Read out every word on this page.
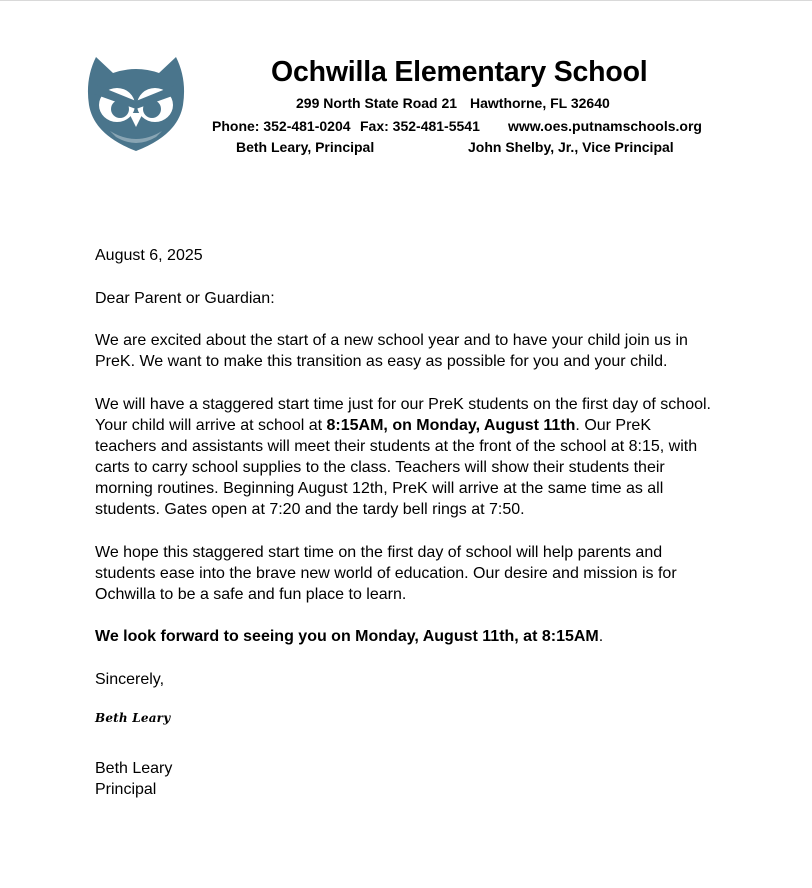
Ochwilla Elementary School
299 North State Road 21 Hawthorne, FL 32640
Phone: 352-481-0204 Fax: 352-481-5541 www.oes.putnamschools.org
Beth Leary, Principal	John Shelby, Jr., Vice Principal

August 6, 2025

Dear Parent or Guardian:

We are excited about the start of a new school year and to have your child join us in

PreK. We want to make this transition as easy as possible for you and your child.

We will have a staggered start time just for our PreK students on the first day of school.

Your child will arrive at school at 8:15AM, on Monday, August 11th. Our PreK

teachers and assistants will meet their students at the front of the school at 8:15, with

carts to carry school supplies to the class. Teachers will show their students their

morning routines. Beginning August 12th, PreK will arrive at the same time as all

students. Gates open at 7:20 and the tardy bell rings at 7:50.

We hope this staggered start time on the first day of school will help parents and

students ease into the brave new world of education. Our desire and mission is for

Ochwilla to be a safe and fun place to learn.

We look forward to seeing you on Monday, August 11th, at 8:15AM.

Sincerely,

Beth Leary

Principal

Beth Leary
